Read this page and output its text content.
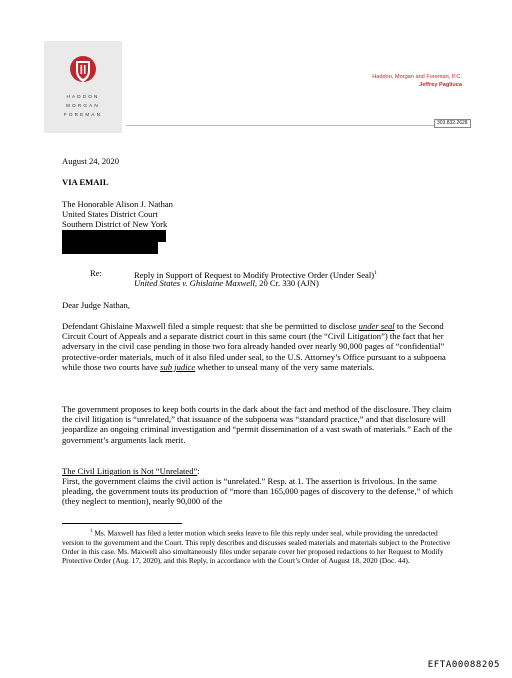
HADDON
MORGAN
FOREMAN
Haddon, Morgan and Foreman, P.C.
Jeffrey Pagliuca
303.832.2628
August 24, 2020
VIA EMAIL
The Honorable Alison J. Nathan
United States District Court
Southern District of New York
Re:	Reply in Support of Request to Modify Protective Order (Under Seal)$^1$
United States v. Ghislaine Maxwell, 20 Cr. 330 (AJN)
Dear Judge Nathan,
Defendant Ghislaine Maxwell filed a simple request: that she be permitted to disclose under seal to the Second Circuit Court of Appeals and a separate district court in this same court (the “Civil Litigation”) the fact that her adversary in the civil case pending in those two fora already handed over nearly 90,000 pages of “confidential” protective-order materials, much of it also filed under seal, to the U.S. Attorney’s Office pursuant to a subpoena while those two courts have sub judice whether to unseal many of the very same materials.
The government proposes to keep both courts in the dark about the fact and method of the disclosure. They claim the civil litigation is “unrelated,” that issuance of the subpoena was “standard practice,” and that disclosure will jeopardize an ongoing criminal investigation and “permit dissemination of a vast swath of materials.” Each of the government’s arguments lack merit.
The Civil Litigation is Not “Unrelated”:
First, the government claims the civil action is “unrelated.” Resp. at 1. The assertion is frivolous. In the same pleading, the government touts its production of “more than 165,000 pages of discovery to the defense,” of which (they neglect to mention), nearly 90,000 of the
$^1$ Ms. Maxwell has filed a letter motion which seeks leave to file this reply under seal, while providing the unredacted version to the government and the Court. This reply describes and discusses sealed materials and materials subject to the Protective Order in this case. Ms. Maxwell also simultaneously files under separate cover her proposed redactions to her Request to Modify Protective Order (Aug. 17, 2020), and this Reply, in accordance with the Court’s Order of August 18, 2020 (Doc. 44).
EFTA00088205
